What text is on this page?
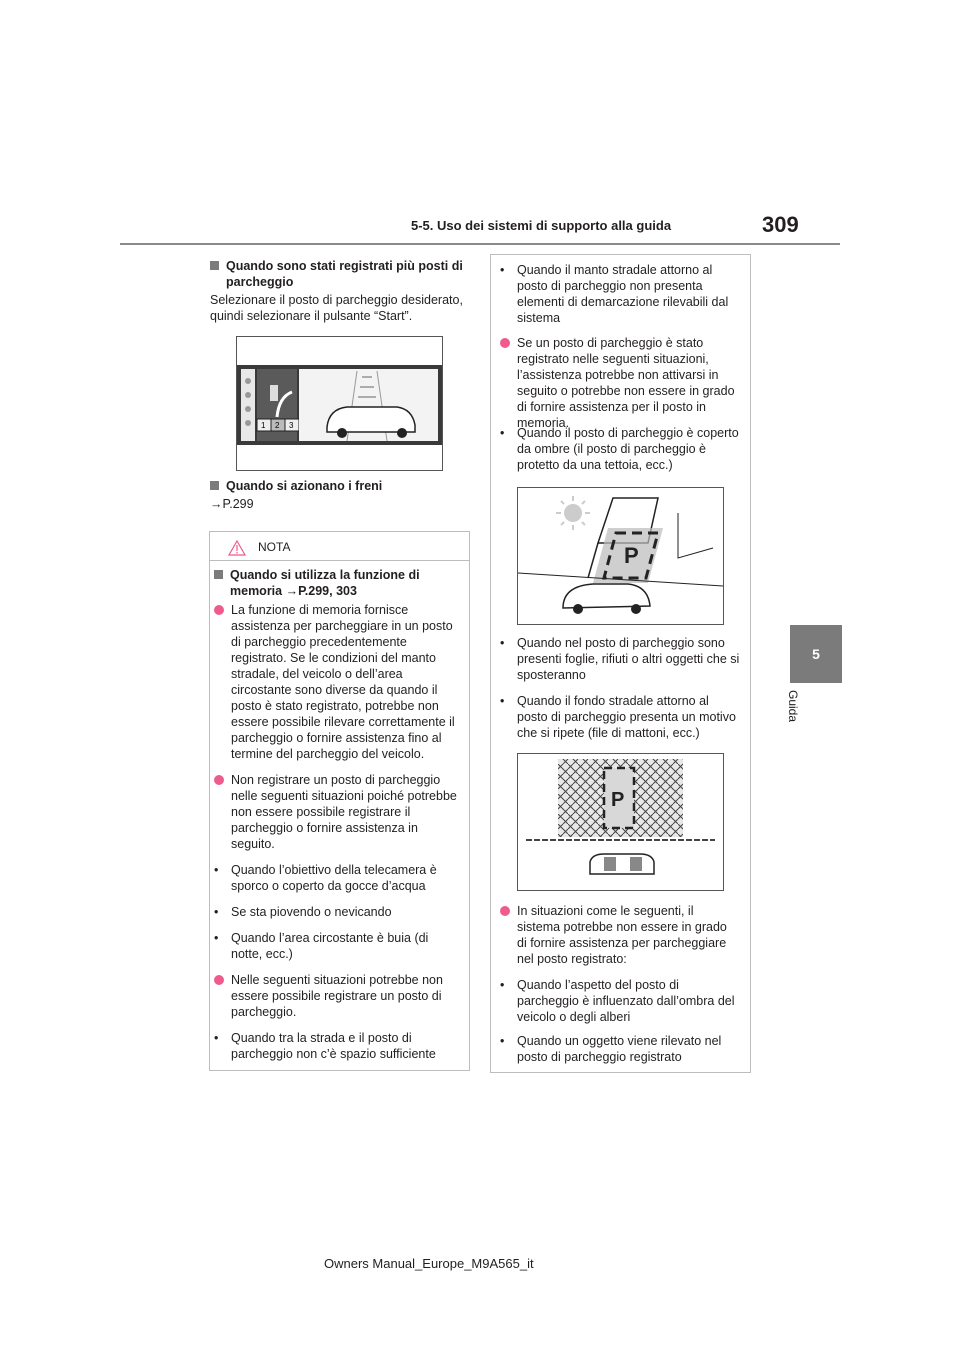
5-5. Uso dei sistemi di supporto alla guida	309
5
Guida
Quando sono stati registrati più posti di parcheggio
Selezionare il posto di parcheggio desiderato, quindi selezionare il pulsante “Start”.
1 2 3
Quando si azionano i freni
→P.299
NOTA
Quando si utilizza la funzione di memoria →P.299, 303
La funzione di memoria fornisce assistenza per parcheggiare in un posto di parcheggio precedentemente registrato. Se le condizioni del manto stradale, del veicolo o dell’area circostante sono diverse da quando il posto è stato registrato, potrebbe non essere possibile rilevare correttamente il parcheggio o fornire assistenza fino al termine del parcheggio del veicolo.
Non registrare un posto di parcheggio nelle seguenti situazioni poiché potrebbe non essere possibile registrare il parcheggio o fornire assistenza in seguito.
• Quando l’obiettivo della telecamera è sporco o coperto da gocce d’acqua
• Se sta piovendo o nevicando
• Quando l’area circostante è buia (di notte, ecc.)
Nelle seguenti situazioni potrebbe non essere possibile registrare un posto di parcheggio.
• Quando tra la strada e il posto di parcheggio non c’è spazio sufficiente
• Quando il manto stradale attorno al posto di parcheggio non presenta elementi di demarcazione rilevabili dal sistema
Se un posto di parcheggio è stato registrato nelle seguenti situazioni, l’assistenza potrebbe non attivarsi in seguito o potrebbe non essere in grado di fornire assistenza per il posto in memoria.
• Quando il posto di parcheggio è coperto da ombre (il posto di parcheggio è protetto da una tettoia, ecc.)
P
• Quando nel posto di parcheggio sono presenti foglie, rifiuti o altri oggetti che si sposteranno
• Quando il fondo stradale attorno al posto di parcheggio presenta un motivo che si ripete (file di mattoni, ecc.)
P
In situazioni come le seguenti, il sistema potrebbe non essere in grado di fornire assistenza per parcheggiare nel posto registrato:
• Quando l’aspetto del posto di parcheggio è influenzato dall’ombra del veicolo o degli alberi
• Quando un oggetto viene rilevato nel posto di parcheggio registrato
Owners Manual_Europe_M9A565_it
